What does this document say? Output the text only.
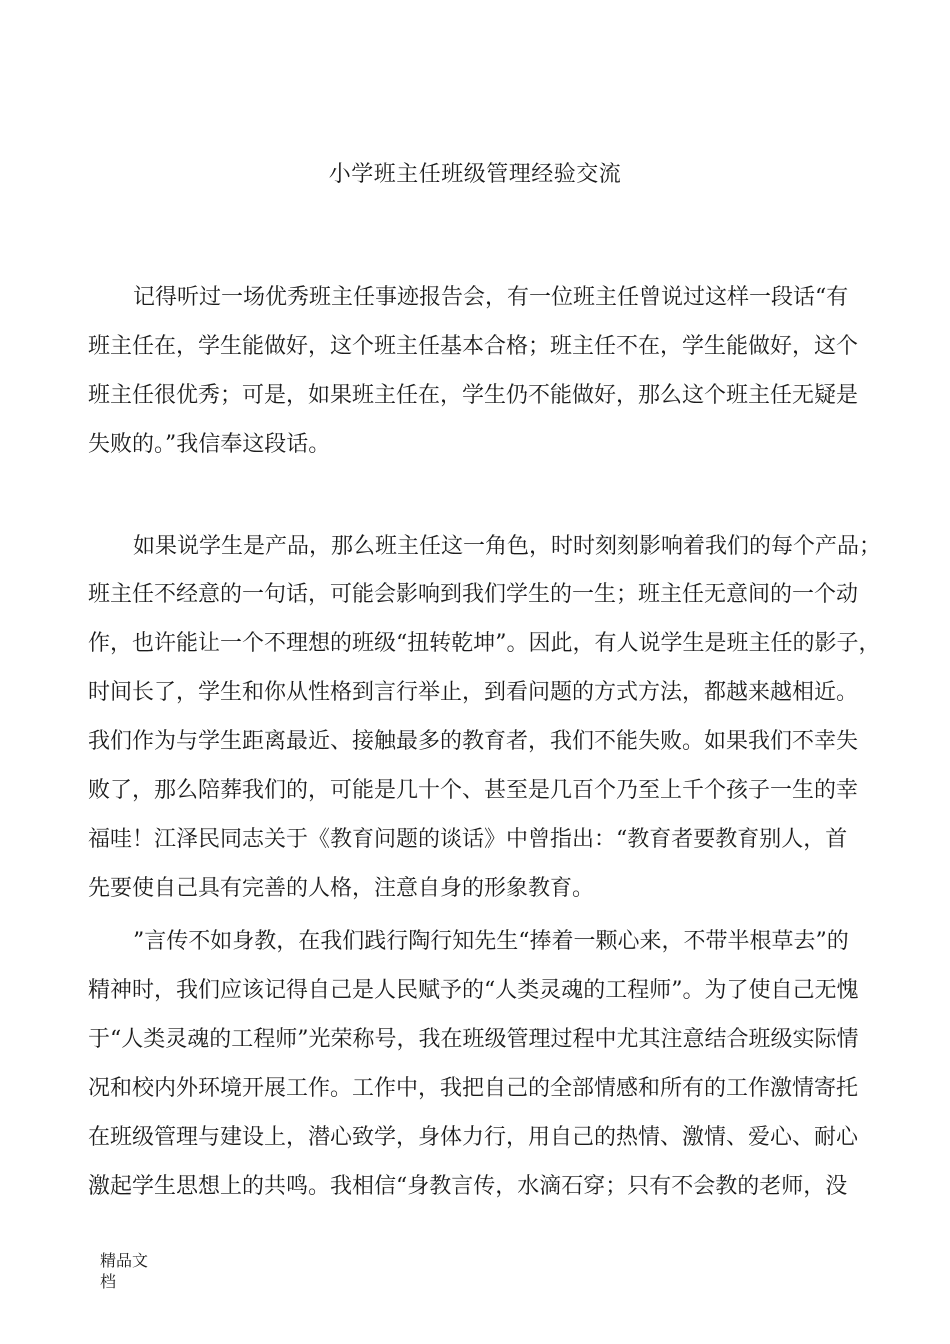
小学班主任班级管理经验交流
记得听过一场优秀班主任事迹报告会，有一位班主任曾说过这样一段话“有
班主任在，学生能做好，这个班主任基本合格；班主任不在，学生能做好，这个
班主任很优秀；可是，如果班主任在，学生仍不能做好，那么这个班主任无疑是
失败的。”我信奉这段话。
如果说学生是产品，那么班主任这一角色，时时刻刻影响着我们的每个产品；
班主任不经意的一句话，可能会影响到我们学生的一生；班主任无意间的一个动
作，也许能让一个不理想的班级“扭转乾坤”。因此，有人说学生是班主任的影子，
时间长了，学生和你从性格到言行举止，到看问题的方式方法，都越来越相近。
我们作为与学生距离最近、接触最多的教育者，我们不能失败。如果我们不幸失
败了，那么陪葬我们的，可能是几十个、甚至是几百个乃至上千个孩子一生的幸
福哇！江泽民同志关于《教育问题的谈话》中曾指出：“教育者要教育别人，首
先要使自己具有完善的人格，注意自身的形象教育。
”言传不如身教，在我们践行陶行知先生“捧着一颗心来，不带半根草去”的
精神时，我们应该记得自己是人民赋予的“人类灵魂的工程师”。为了使自己无愧
于“人类灵魂的工程师”光荣称号，我在班级管理过程中尤其注意结合班级实际情
况和校内外环境开展工作。工作中，我把自己的全部情感和所有的工作激情寄托
在班级管理与建设上，潜心致学，身体力行，用自己的热情、激情、爱心、耐心
激起学生思想上的共鸣。我相信“身教言传，水滴石穿；只有不会教的老师，没
精品文档
